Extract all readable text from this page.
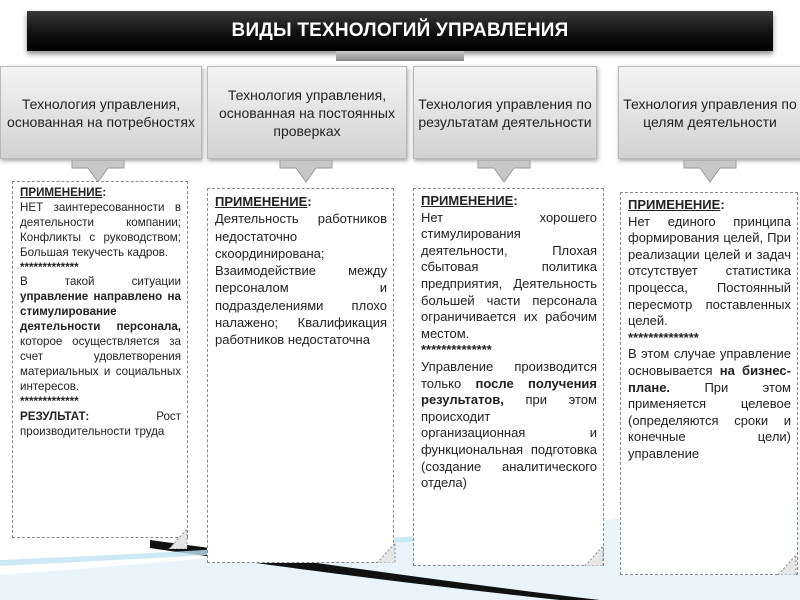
ВИДЫ ТЕХНОЛОГИЙ УПРАВЛЕНИЯ
Технология управления, основанная на потребностях
Технология управления, основанная на постоянных проверках
Технология управления по результатам деятельности
Технология управления по целям деятельности

ПРИМЕНЕНИЕ:

НЕТ заинтересованности в деятельности компании; Конфликты с руководством; Большая текучесть кадров.

*************

В такой ситуации управление направлено на стимулирование деятельности персонала, которое осуществляется за счет удовлетворения материальных и социальных интересов.

*************

РЕЗУЛЬТАТ:	Рост производительности труда

ПРИМЕНЕНИЕ:

Деятельность работников недостаточно скоординирована; Взаимодействие между персоналом и подразделениями плохо налажено; Квалификация работников недостаточна

ПРИМЕНЕНИЕ:

Нет хорошего стимулирования деятельности, Плохая сбытовая политика предприятия, Деятельность большей части персонала ограничивается их рабочим местом.

**************

Управление производится только после получения результатов, при этом происходит организационная и функциональная подготовка (создание аналитического отдела)

ПРИМЕНЕНИЕ:

Нет единого принципа формирования целей, При реализации целей и задач отсутствует статистика процесса, Постоянный пересмотр поставленных целей.

**************

В этом случае управление основывается на бизнес-плане.	При этом применяется целевое (определяются сроки и конечные цели) управление
